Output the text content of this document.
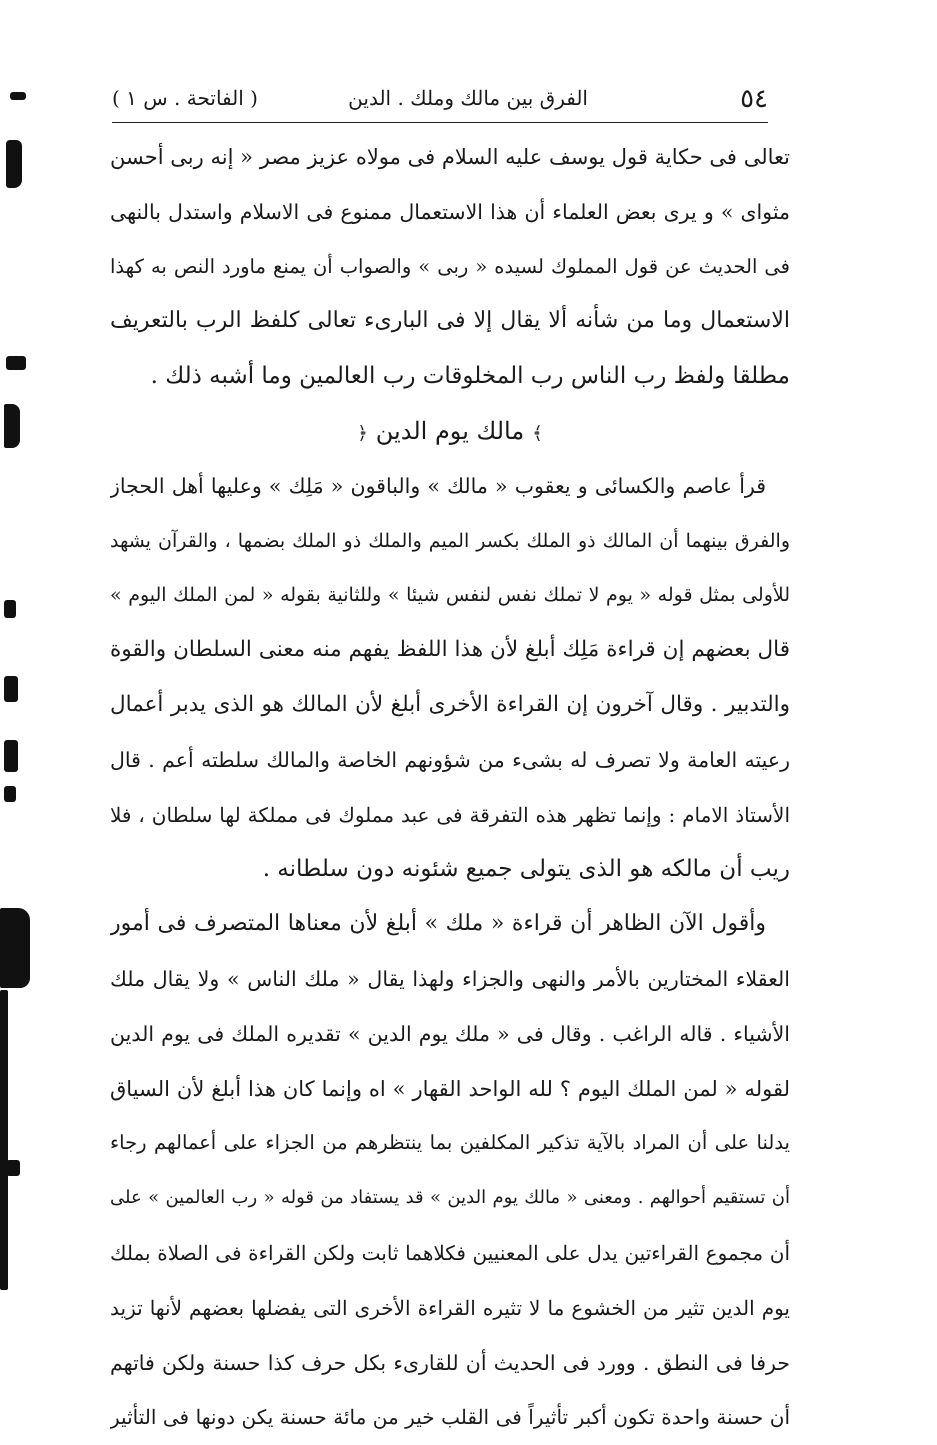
٥٤
الفرق بين مالك وملك . الدين
( الفاتحة . س ١ )
تعالى فى حكاية قول يوسف عليه السلام فى مولاه عزيز مصر « إنه ربى أحسن
مثواى » و يرى بعض العلماء أن هذا الاستعمال ممنوع فى الاسلام واستدل بالنهى
فى الحديث عن قول المملوك لسيده « ربى » والصواب أن يمنع ماورد النص به كهذا
الاستعمال وما من شأنه ألا يقال إلا فى البارىء تعالى كلفظ الرب بالتعريف
مطلقا ولفظ رب الناس رب المخلوقات رب العالمين وما أشبه ذلك .
﴾مالك يوم الدين﴿
قرأ عاصم والكسائى و يعقوب « مالك » والباقون « مَلِك » وعليها أهل الحجاز
والفرق بينهما أن المالك ذو الملك بكسر الميم والملك ذو الملك بضمها ، والقرآن يشهد
للأولى بمثل قوله « يوم لا تملك نفس لنفس شيئا » وللثانية بقوله « لمن الملك اليوم »
قال بعضهم إن قراءة مَلِك أبلغ لأن هذا اللفظ يفهم منه معنى السلطان والقوة
والتدبير . وقال آخرون إن القراءة الأخرى أبلغ لأن المالك هو الذى يدبر أعمال
رعيته العامة ولا تصرف له بشىء من شؤونهم الخاصة والمالك سلطته أعم . قال
الأستاذ الامام : وإنما تظهر هذه التفرقة فى عبد مملوك فى مملكة لها سلطان ، فلا
ريب أن مالكه هو الذى يتولى جميع شئونه دون سلطانه .
وأقول الآن الظاهر أن قراءة « ملك » أبلغ لأن معناها المتصرف فى أمور
العقلاء المختارين بالأمر والنهى والجزاء ولهذا يقال « ملك الناس » ولا يقال ملك
الأشياء . قاله الراغب . وقال فى « ملك يوم الدين » تقديره الملك فى يوم الدين
لقوله « لمن الملك اليوم ؟ لله الواحد القهار » اه وإنما كان هذا أبلغ لأن السياق
يدلنا على أن المراد بالآية تذكير المكلفين بما ينتظرهم من الجزاء على أعمالهم رجاء
أن تستقيم أحوالهم . ومعنى « مالك يوم الدين » قد يستفاد من قوله « رب العالمين » على
أن مجموع القراءتين يدل على المعنيين فكلاهما ثابت ولكن القراءة فى الصلاة بملك
يوم الدين تثير من الخشوع ما لا تثيره القراءة الأخرى التى يفضلها بعضهم لأنها تزيد
حرفا فى النطق . وورد فى الحديث أن للقارىء بكل حرف كذا حسنة ولكن فاتهم
أن حسنة واحدة تكون أكبر تأثيراً فى القلب خير من مائة حسنة يكن دونها فى التأثير
